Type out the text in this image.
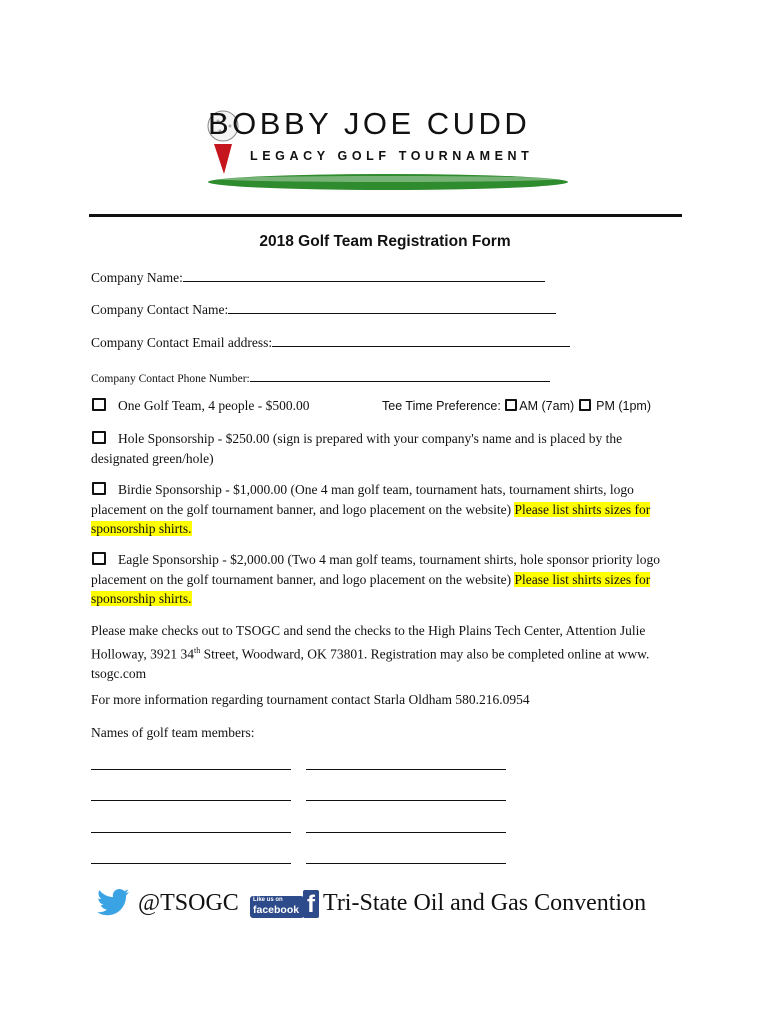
BOBBY JOE CUDD
LEGACY GOLF TOURNAMENT
2018 Golf Team Registration Form
Company Name:
Company Contact Name:
Company Contact Email address:
Company Contact Phone Number:
One Golf Team, 4 people - $500.00	Tee Time Preference: AM (7am) PM (1pm)
Hole Sponsorship - $250.00 (sign is prepared with your company's name and is placed by the designated green/hole)
Birdie Sponsorship - $1,000.00 (One 4 man golf team, tournament hats, tournament shirts, logo placement on the golf tournament banner, and logo placement on the website) Please list shirts sizes for sponsorship shirts.
Eagle Sponsorship - $2,000.00 (Two 4 man golf teams, tournament shirts, hole sponsor priority logo placement on the golf tournament banner, and logo placement on the website) Please list shirts sizes for sponsorship shirts.
Please make checks out to TSOGC and send the checks to the High Plains Tech Center, Attention Julie Holloway, 3921 34th Street, Woodward, OK 73801. Registration may also be completed online at www. tsogc.com
For more information regarding tournament contact Starla Oldham 580.216.0954
Names of golf team members:
@TSOGC Like us on
facebook f Tri-State Oil and Gas Convention
